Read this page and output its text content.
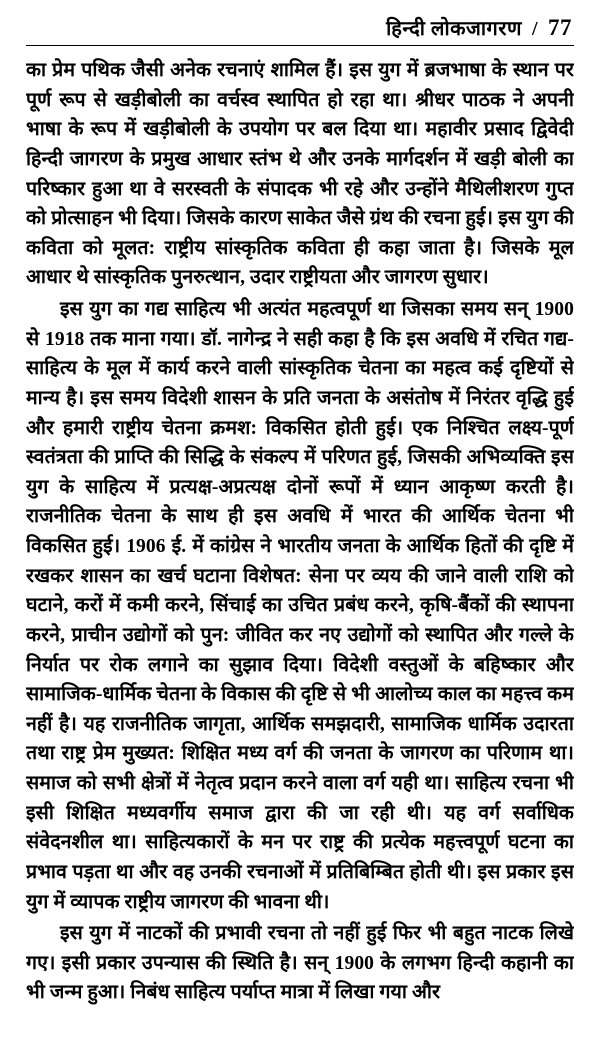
हिन्दी लोकजागरण / 77

का प्रेम पथिक जैसी अनेक रचनाएं शामिल हैं। इस युग में ब्रजभाषा के स्थान पर पूर्ण रूप से खड़ीबोली का वर्चस्व स्थापित हो रहा था। श्रीधर पाठक ने अपनी भाषा के रूप में खड़ीबोली के उपयोग पर बल दिया था। महावीर प्रसाद द्विवेदी हिन्दी जागरण के प्रमुख आधार स्तंभ थे और उनके मार्गदर्शन में खड़ी बोली का परिष्कार हुआ था वे सरस्वती के संपादक भी रहे और उन्होंने मैथिलीशरण गुप्त को प्रोत्साहन भी दिया। जिसके कारण साकेत जैसे ग्रंथ की रचना हुई। इस युग की कविता को मूलत: राष्ट्रीय सांस्कृतिक कविता ही कहा जाता है। जिसके मूल आधार थे सांस्कृतिक पुनरुत्थान, उदार राष्ट्रीयता और जागरण सुधार।

इस युग का गद्य साहित्य भी अत्यंत महत्वपूर्ण था जिसका समय सन् 1900 से 1918 तक माना गया। डॉ. नागेन्द्र ने सही कहा है कि इस अवधि में रचित गद्य-साहित्य के मूल में कार्य करने वाली सांस्कृतिक चेतना का महत्व कई दृष्टियों से मान्य है। इस समय विदेशी शासन के प्रति जनता के असंतोष में निरंतर वृद्धि हुई और हमारी राष्ट्रीय चेतना क्रमश: विकसित होती हुई। एक निश्चित लक्ष्य-पूर्ण स्वतंत्रता की प्राप्ति की सिद्धि के संकल्प में परिणत हुई, जिसकी अभिव्यक्ति इस युग के साहित्य में प्रत्यक्ष-अप्रत्यक्ष दोनों रूपों में ध्यान आकृष्ण करती है। राजनीतिक चेतना के साथ ही इस अवधि में भारत की आर्थिक चेतना भी विकसित हुई। 1906 ई. में कांग्रेस ने भारतीय जनता के आर्थिक हितों की दृष्टि में रखकर शासन का खर्च घटाना विशेषत: सेना पर व्यय की जाने वाली राशि को घटाने, करों में कमी करने, सिंचाई का उचित प्रबंध करने, कृषि-बैंकों की स्थापना करने, प्राचीन उद्योगों को पुन: जीवित कर नए उद्योगों को स्थापित और गल्ले के निर्यात पर रोक लगाने का सुझाव दिया। विदेशी वस्तुओं के बहिष्कार और सामाजिक-धार्मिक चेतना के विकास की दृष्टि से भी आलोच्य काल का महत्त्व कम नहीं है। यह राजनीतिक जागृता, आर्थिक समझदारी, सामाजिक धार्मिक उदारता तथा राष्ट्र प्रेम मुख्यत: शिक्षित मध्य वर्ग की जनता के जागरण का परिणाम था। समाज को सभी क्षेत्रों में नेतृत्व प्रदान करने वाला वर्ग यही था। साहित्य रचना भी इसी शिक्षित मध्यवर्गीय समाज द्वारा की जा रही थी। यह वर्ग सर्वाधिक संवेदनशील था। साहित्यकारों के मन पर राष्ट्र की प्रत्येक महत्त्वपूर्ण घटना का प्रभाव पड़ता था और वह उनकी रचनाओं में प्रतिबिम्बित होती थी। इस प्रकार इस युग में व्यापक राष्ट्रीय जागरण की भावना थी।

इस युग में नाटकों की प्रभावी रचना तो नहीं हुई फिर भी बहुत नाटक लिखे गए। इसी प्रकार उपन्यास की स्थिति है। सन् 1900 के लगभग हिन्दी कहानी का भी जन्म हुआ। निबंध साहित्य पर्याप्त मात्रा में लिखा गया और
